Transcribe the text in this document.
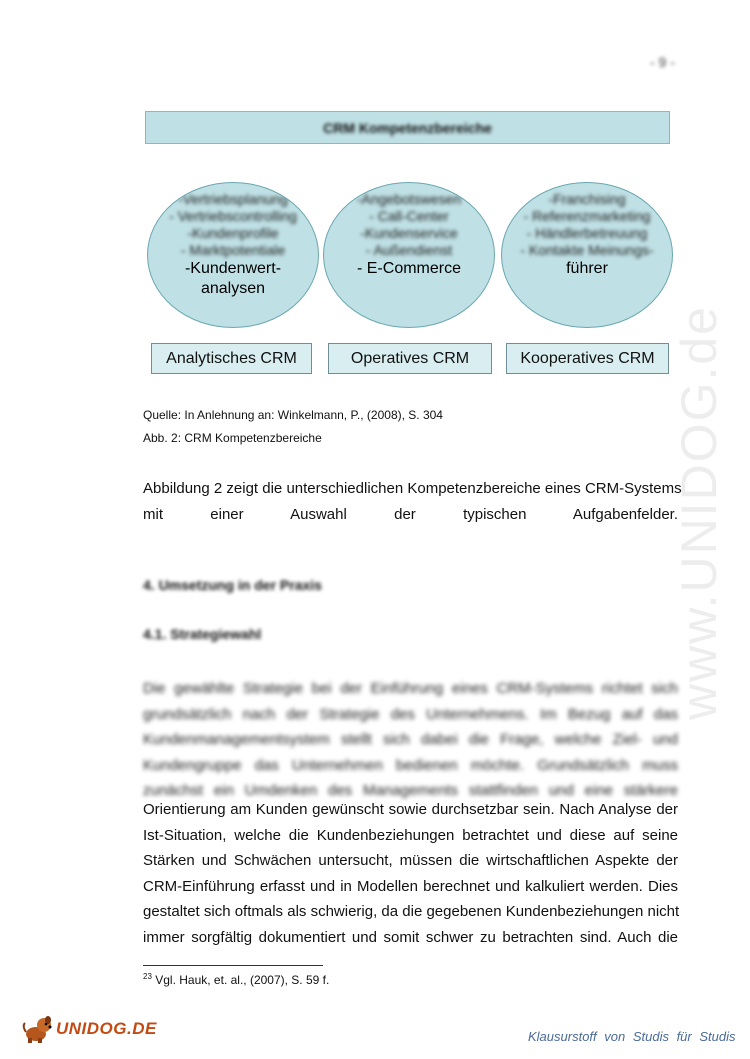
- 9 -
www.UNIDOG.de
CRM Kompetenzbereiche
-Vertriebsplanung
- Vertriebscontrolling
-Kundenprofile
- Marktpotentiale
-Kundenwert-
analysen
-Angebotswesen
- Call-Center
-Kundenservice
- Außendienst
- E-Commerce
-Franchising
- Referenzmarketing
- Händlerbetreuung
- Kontakte Meinungs-
führer
Analytisches CRM	Operatives CRM	Kooperatives CRM
Quelle: In Anlehnung an: Winkelmann, P., (2008), S. 304
Abb. 2: CRM Kompetenzbereiche
Abbildung 2 zeigt die unterschiedlichen Kompetenzbereiche eines CRM-Systems
mit einer Auswahl der typischen Aufgabenfelder.
4. Umsetzung in der Praxis
4.1. Strategiewahl
Die gewählte Strategie bei der Einführung eines CRM-Systems richtet sich
grundsätzlich nach der Strategie des Unternehmens. Im Bezug auf das
Kundenmanagementsystem stellt sich dabei die Frage, welche Ziel- und
Kundengruppe das Unternehmen bedienen möchte. Grundsätzlich muss
zunächst ein Umdenken des Managements stattfinden und eine stärkere
Orientierung am Kunden gewünscht sowie durchsetzbar sein. Nach Analyse der
Ist-Situation, welche die Kundenbeziehungen betrachtet und diese auf seine
Stärken und Schwächen untersucht, müssen die wirtschaftlichen Aspekte der
CRM-Einführung erfasst und in Modellen berechnet und kalkuliert werden. Dies
gestaltet sich oftmals als schwierig, da die gegebenen Kundenbeziehungen nicht
immer sorgfältig dokumentiert und somit schwer zu betrachten sind. Auch die
$^{23}$ Vgl. Hauk, et. al., (2007), S. 59 f.
UNIDOG.DE	Klausurstoff von Studis für Studis
